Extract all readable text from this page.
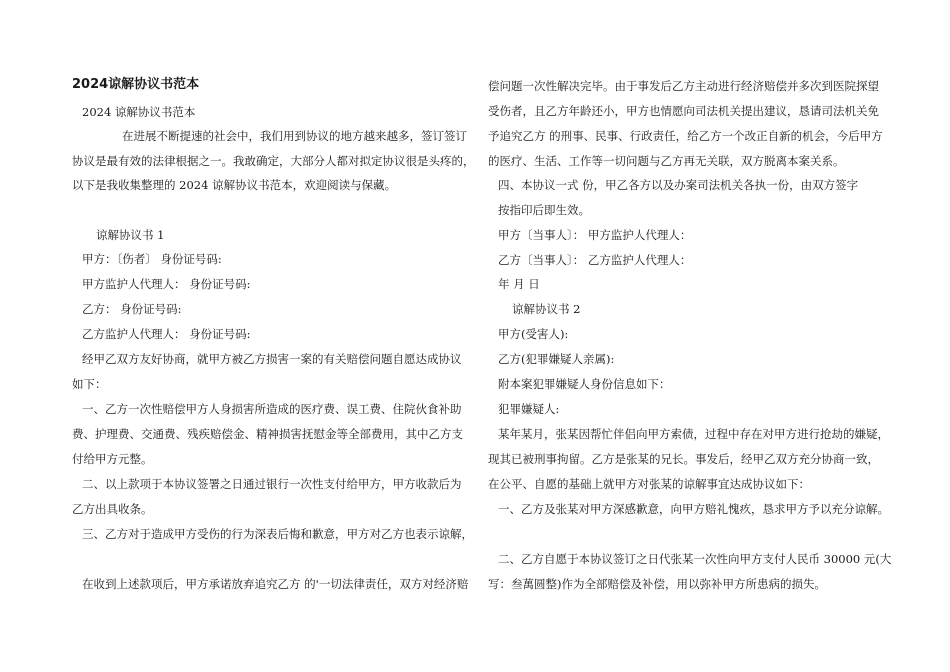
2024谅解协议书范本
2024 谅解协议书范本
在进展不断提速的社会中，我们用到协议的地方越来越多，签订签订
协议是最有效的法律根据之一。我敢确定，大部分人都对拟定协议很是头疼的，
以下是我收集整理的 2024 谅解协议书范本，欢迎阅读与保藏。
谅解协议书 1
甲方：〔伤者〕 身份证号码:
甲方监护人代理人： 身份证号码:
乙方： 身份证号码:
乙方监护人代理人： 身份证号码:
经甲乙双方友好协商，就甲方被乙方损害一案的有关赔偿问题自愿达成协议
如下：
一、乙方一次性赔偿甲方人身损害所造成的医疗费、误工费、住院伙食补助
费、护理费、交通费、残疾赔偿金、精神损害抚慰金等全部费用，其中乙方支
付给甲方元整。
二、以上款项于本协议签署之日通过银行一次性支付给甲方，甲方收款后为
乙方出具收条。
三、乙方对于造成甲方受伤的行为深表后悔和歉意，甲方对乙方也表示谅解，
在收到上述款项后，甲方承诺放弃追究乙方 的'一切法律责任，双方对经济赔
偿问题一次性解决完毕。由于事发后乙方主动进行经济赔偿并多次到医院探望
受伤者，且乙方年龄还小，甲方也情愿向司法机关提出建议，恳请司法机关免
予追究乙方 的刑事、民事、行政责任，给乙方一个改正自新的机会，今后甲方
的医疗、生活、工作等一切问题与乙方再无关联，双方脱离本案关系。
四、本协议一式 份，甲乙各方以及办案司法机关各执一份，由双方签字
按指印后即生效。
甲方〔当事人〕： 甲方监护人代理人：
乙方〔当事人〕： 乙方监护人代理人：
年 月 日
谅解协议书 2
甲方(受害人):
乙方(犯罪嫌疑人亲属):
附本案犯罪嫌疑人身份信息如下：
犯罪嫌疑人:
某年某月，张某因帮忙伴侣向甲方索债，过程中存在对甲方进行抢劫的嫌疑，
现其已被刑事拘留。乙方是张某的兄长。事发后，经甲乙双方充分协商一致，
在公平、自愿的基础上就甲方对张某的谅解事宜达成协议如下：
一、乙方及张某对甲方深感歉意，向甲方赔礼愧疚，恳求甲方予以充分谅解。
二、乙方自愿于本协议签订之日代张某一次性向甲方支付人民币 30000 元(大
写：叁萬圆整)作为全部赔偿及补偿，用以弥补甲方所患病的损失。
